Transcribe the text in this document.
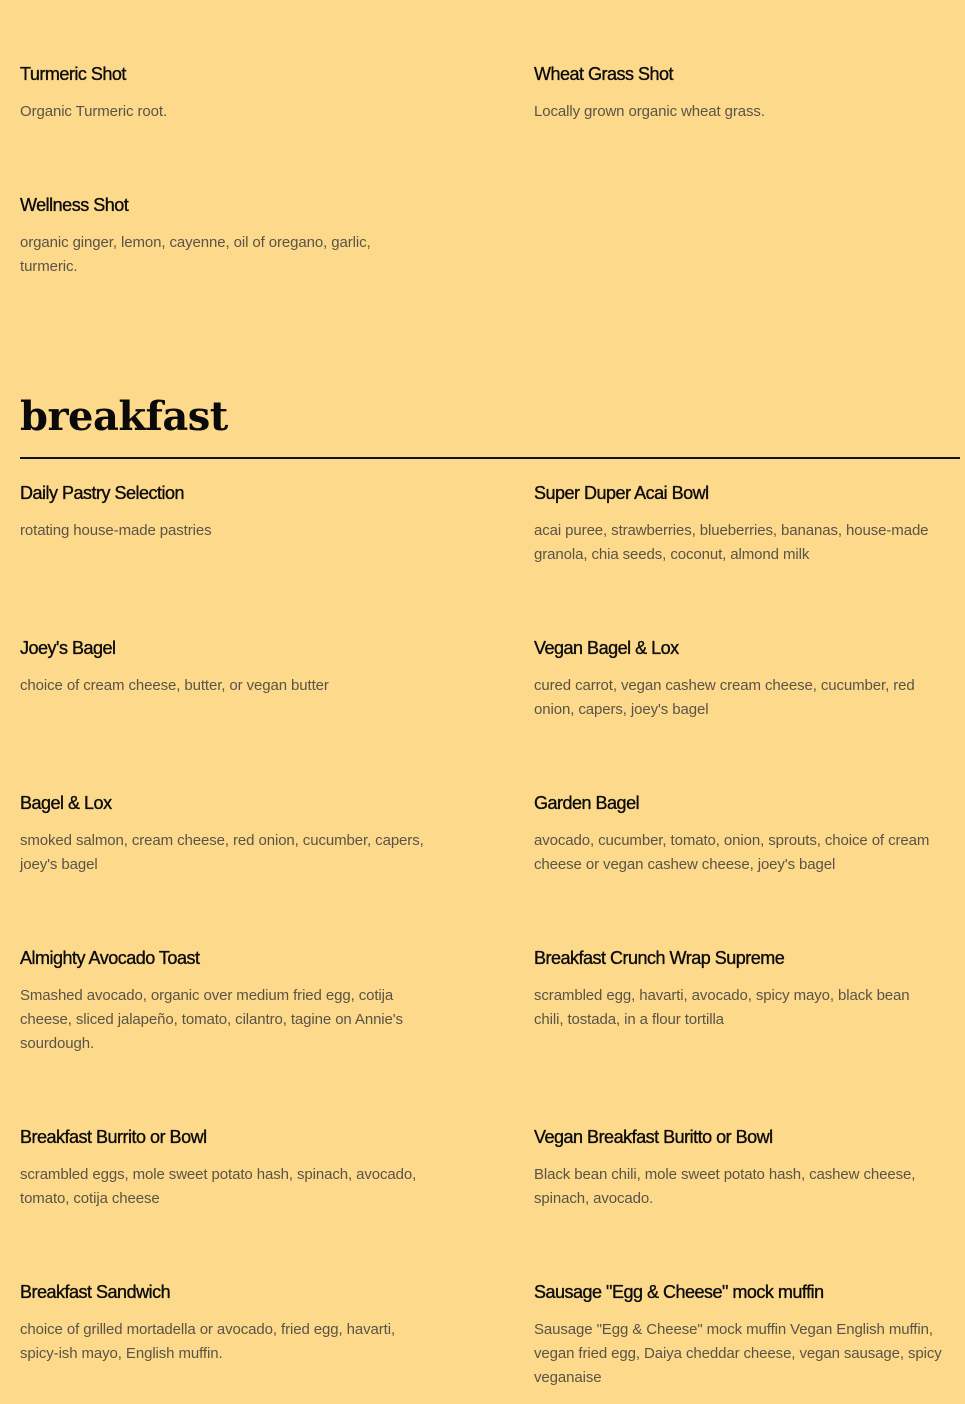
Turmeric Shot

Organic Turmeric root.

Wheat Grass Shot

Locally grown organic wheat grass.

Wellness Shot

organic ginger, lemon, cayenne, oil of oregano, garlic, turmeric.

breakfast
Daily Pastry Selection

rotating house-made pastries

Super Duper Acai Bowl

acai puree, strawberries, blueberries, bananas, house-made granola, chia seeds, coconut, almond milk

Joey's Bagel

choice of cream cheese, butter, or vegan butter

Vegan Bagel & Lox

cured carrot, vegan cashew cream cheese, cucumber, red onion, capers, joey's bagel

Bagel & Lox

smoked salmon, cream cheese, red onion, cucumber, capers, joey's bagel

Garden Bagel

avocado, cucumber, tomato, onion, sprouts, choice of cream cheese or vegan cashew cheese, joey's bagel

Almighty Avocado Toast

Smashed avocado, organic over medium fried egg, cotija cheese, sliced jalapeño, tomato, cilantro, tagine on Annie's sourdough.

Breakfast Crunch Wrap Supreme

scrambled egg, havarti, avocado, spicy mayo, black bean chili, tostada, in a flour tortilla

Breakfast Burrito or Bowl

scrambled eggs, mole sweet potato hash, spinach, avocado, tomato, cotija cheese

Vegan Breakfast Buritto or Bowl

Black bean chili, mole sweet potato hash, cashew cheese, spinach, avocado.

Breakfast Sandwich

choice of grilled mortadella or avocado, fried egg, havarti, spicy-ish mayo, English muffin.

Sausage "Egg & Cheese" mock muffin

Sausage "Egg & Cheese" mock muffin Vegan English muffin, vegan fried egg, Daiya cheddar cheese, vegan sausage, spicy veganaise
